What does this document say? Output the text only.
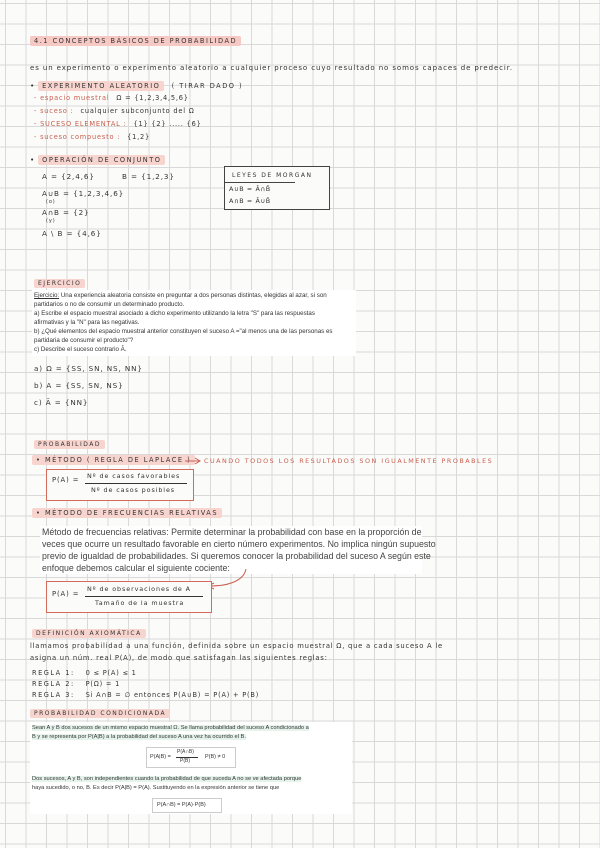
4.1 CONCEPTOS BÁSICOS DE PROBABILIDAD
es un experimento o experimento aleatorio a cualquier proceso cuyo resultado no somos capaces de predecir.
• EXPERIMENTO ALEATORIO ( TIRAR DADO )
- espacio muestral Ω = {1,2,3,4,5,6}
- suceso : cualquier subconjunto del Ω
- SUCESO ELEMENTAL : {1} {2} ..... {6}
- suceso compuesto : {1,2}
• OPERACIÓN DE CONJUNTO
A = {2,4,6}	B = {1,2,3}
A∪B = {1,2,3,4,6}
(o)
A∩B = {2}
(y)
A \ B = {4,6}
LEYES DE MORGAN
A∪B = Ā∩B̄
A∩B = Ā∪B̄
EJERCICIO
Ejercicio: Una experiencia aleatoria consiste en preguntar a dos personas distintas, elegidas al azar, si son
partidarios o no de consumir un determinado producto.
a) Escribe el espacio muestral asociado a dicho experimento utilizando la letra "S" para las respuestas
afirmativas y la "N" para las negativas.
b) ¿Qué elementos del espacio muestral anterior constituyen el suceso A ="al menos una de las personas es
partidaria de consumir el producto"?
c) Describe el suceso contrario Ā.
a) Ω = {SS, SN, NS, NN}
b) A = {SS, SN, NS}
c) Ā = {NN}
PROBABILIDAD
• MÉTODO ( REGLA DE LAPLACE )	CUANDO TODOS LOS RESULTADOS SON IGUALMENTE PROBABLES
P(A) = Nº de casos favorables
Nº de casos posibles
• MÉTODO DE FRECUENCIAS RELATIVAS
Método de frecuencias relativas: Permite determinar la probabilidad con base en la proporción de
veces que ocurre un resultado favorable en cierto número experimentos. No implica ningún supuesto
previo de igualdad de probabilidades. Si queremos conocer la probabilidad del suceso A según este
enfoque debemos calcular el siguiente cociente:
P(A) =
Nº de observaciones de A
Tamaño de la muestra
DEFINICIÓN AXIOMÁTICA
llamamos probabilidad a una función, definida sobre un espacio muestral Ω, que a cada suceso A le
asigna un núm. real P(A), de modo que satisfagan las siguientes reglas:
REGLA 1: 0 ≤ P(A) ≤ 1
REGLA 2: P(Ω) = 1
REGLA 3: Si A∩B = ∅ entonces P(A∪B) = P(A) + P(B)
PROBABILIDAD CONDICIONADA
Sean A y B dos sucesos de un mismo espacio muestral Ω. Se llama probabilidad del suceso A condicionado a
B y se representa por P(A|B) a la probabilidad del suceso A una vez ha ocurrido el B.
P(A|B) =
P(A∩B)
P(B)
P(B) ≠ 0
Dos sucesos, A y B, son independientes cuando la probabilidad de que suceda A no se ve afectada porque
haya sucedido, o no, B. Es decir P(A|B) = P(A). Sustituyendo en la expresión anterior se tiene que
P(A∩B) = P(A)·P(B)
